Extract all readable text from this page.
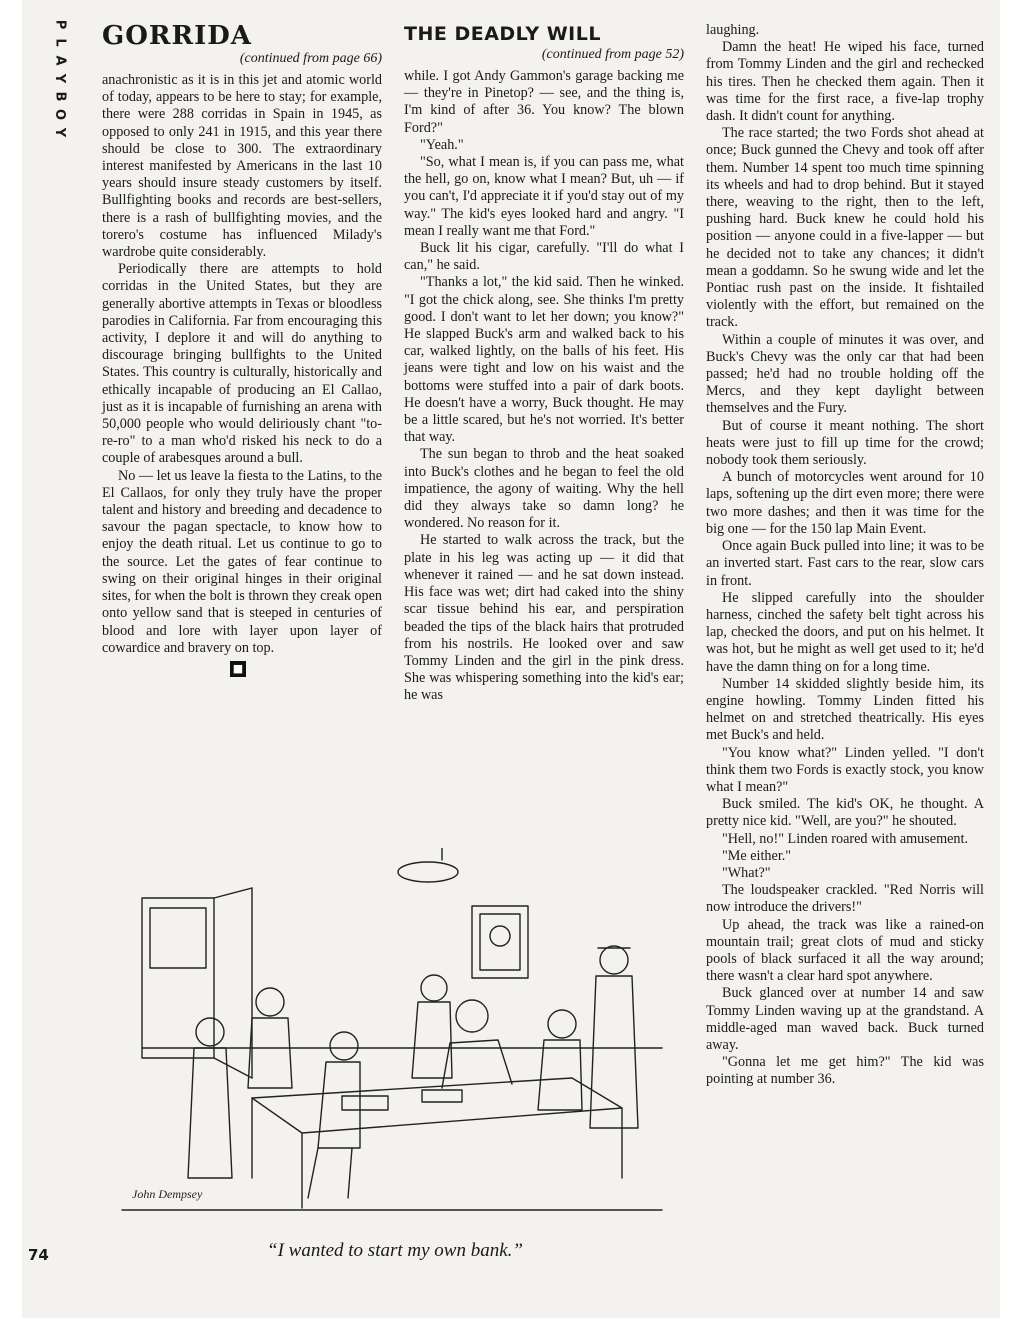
P
L
A
Y
B
O
Y
GORRIDA

(continued from page 66)

anachronistic as it is in this jet and atomic world of today, appears to be here to stay; for example, there were 288 corridas in Spain in 1945, as opposed to only 241 in 1915, and this year there should be close to 300. The extraordinary interest manifested by Americans in the last 10 years should insure steady customers by itself. Bullfighting books and records are best-sellers, there is a rash of bullfighting movies, and the torero's costume has influenced Milady's wardrobe quite considerably.

Periodically there are attempts to hold corridas in the United States, but they are generally abortive attempts in Texas or bloodless parodies in California. Far from encouraging this activity, I deplore it and will do anything to discourage bringing bullfights to the United States. This country is culturally, historically and ethically incapable of producing an El Callao, just as it is incapable of furnishing an arena with 50,000 people who would deliriously chant "to-re-ro" to a man who'd risked his neck to do a couple of arabesques around a bull.

No — let us leave la fiesta to the Latins, to the El Callaos, for only they truly have the proper talent and history and breeding and decadence to savour the pagan spectacle, to know how to enjoy the death ritual. Let us continue to go to the source. Let the gates of fear continue to swing on their original hinges in their original sites, for when the bolt is thrown they creak open onto yellow sand that is steeped in centuries of blood and lore with layer upon layer of cowardice and bravery on top.

■
THE DEADLY WILL

(continued from page 52)

while. I got Andy Gammon's garage backing me — they're in Pinetop? — see, and the thing is, I'm kind of after 36. You know? The blown Ford?"

"Yeah."

"So, what I mean is, if you can pass me, what the hell, go on, know what I mean? But, uh — if you can't, I'd appreciate it if you'd stay out of my way." The kid's eyes looked hard and angry. "I mean I really want me that Ford."

Buck lit his cigar, carefully. "I'll do what I can," he said.

"Thanks a lot," the kid said. Then he winked. "I got the chick along, see. She thinks I'm pretty good. I don't want to let her down; you know?" He slapped Buck's arm and walked back to his car, walked lightly, on the balls of his feet. His jeans were tight and low on his waist and the bottoms were stuffed into a pair of dark boots. He doesn't have a worry, Buck thought. He may be a little scared, but he's not worried. It's better that way.

The sun began to throb and the heat soaked into Buck's clothes and he began to feel the old impatience, the agony of waiting. Why the hell did they always take so damn long? he wondered. No reason for it.

He started to walk across the track, but the plate in his leg was acting up — it did that whenever it rained — and he sat down instead. His face was wet; dirt had caked into the shiny scar tissue behind his ear, and perspiration beaded the tips of the black hairs that protruded from his nostrils. He looked over and saw Tommy Linden and the girl in the pink dress. She was whispering something into the kid's ear; he was

laughing.

Damn the heat! He wiped his face, turned from Tommy Linden and the girl and rechecked his tires. Then he checked them again. Then it was time for the first race, a five-lap trophy dash. It didn't count for anything.

The race started; the two Fords shot ahead at once; Buck gunned the Chevy and took off after them. Number 14 spent too much time spinning its wheels and had to drop behind. But it stayed there, weaving to the right, then to the left, pushing hard. Buck knew he could hold his position — anyone could in a five-lapper — but he decided not to take any chances; it didn't mean a goddamn. So he swung wide and let the Pontiac rush past on the inside. It fishtailed violently with the effort, but remained on the track.

Within a couple of minutes it was over, and Buck's Chevy was the only car that had been passed; he'd had no trouble holding off the Mercs, and they kept daylight between themselves and the Fury.

But of course it meant nothing. The short heats were just to fill up time for the crowd; nobody took them seriously.

A bunch of motorcycles went around for 10 laps, softening up the dirt even more; there were two more dashes; and then it was time for the big one — for the 150 lap Main Event.

Once again Buck pulled into line; it was to be an inverted start. Fast cars to the rear, slow cars in front.

He slipped carefully into the shoulder harness, cinched the safety belt tight across his lap, checked the doors, and put on his helmet. It was hot, but he might as well get used to it; he'd have the damn thing on for a long time.

Number 14 skidded slightly beside him, its engine howling. Tommy Linden fitted his helmet on and stretched theatrically. His eyes met Buck's and held.

"You know what?" Linden yelled. "I don't think them two Fords is exactly stock, you know what I mean?"

Buck smiled. The kid's OK, he thought. A pretty nice kid. "Well, are you?" he shouted.

"Hell, no!" Linden roared with amusement.

"Me either."

"What?"

The loudspeaker crackled. "Red Norris will now introduce the drivers!"

Up ahead, the track was like a rained-on mountain trail; great clots of mud and sticky pools of black surfaced it all the way around; there wasn't a clear hard spot anywhere.

Buck glanced over at number 14 and saw Tommy Linden waving up at the grandstand. A middle-aged man waved back. Buck turned away.

"Gonna let me get him?" The kid was pointing at number 36.

John Dempsey
“I wanted to start my own bank.”
74
